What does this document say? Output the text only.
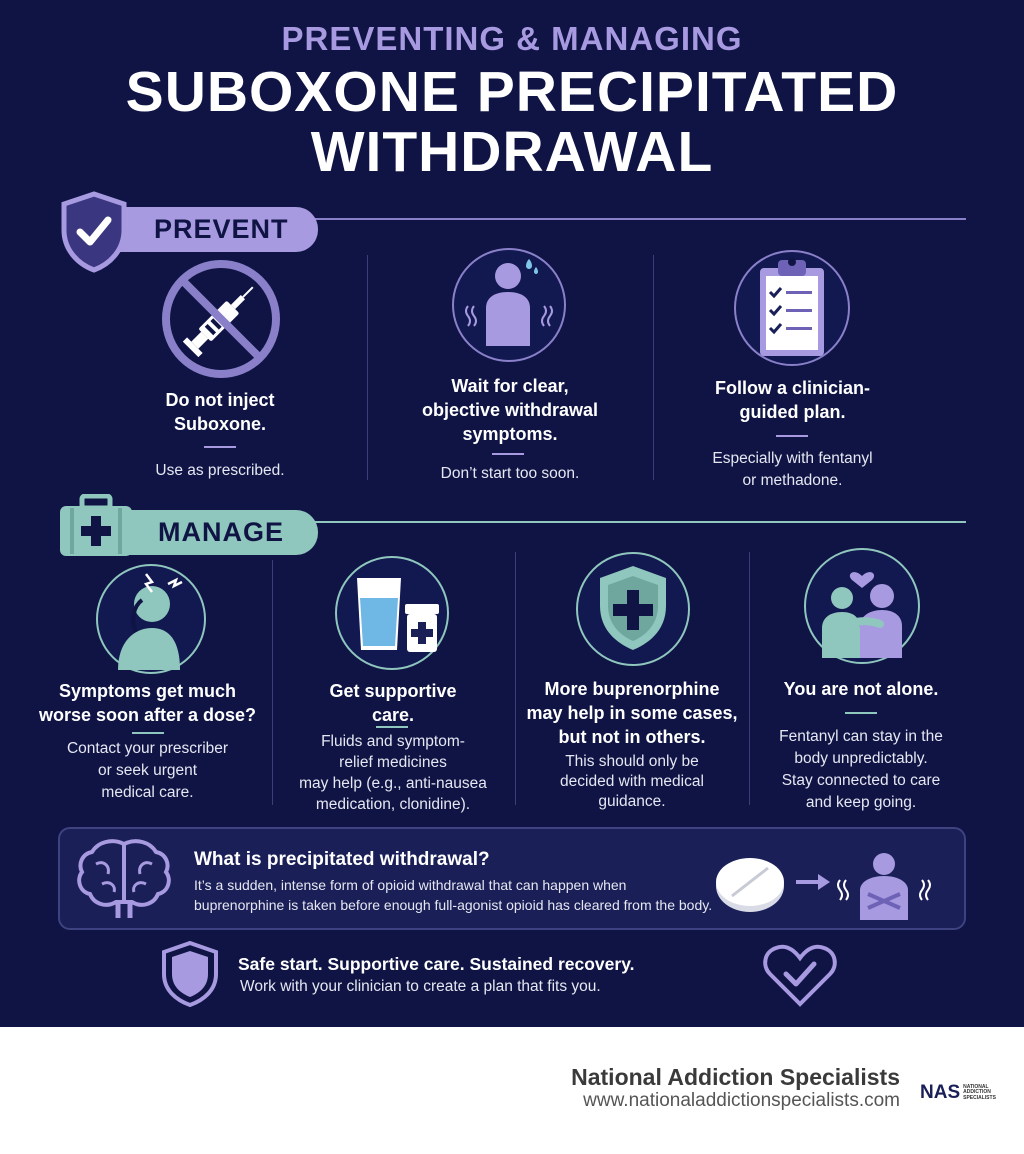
PREVENTING & MANAGING
SUBOXONE PRECIPITATED
WITHDRAWAL
PREVENT
Do not inject
Suboxone.
Use as prescribed.
Wait for clear,
objective withdrawal
symptoms.
Don’t start too soon.
Follow a clinician-
guided plan.
Especially with fentanyl
or methadone.
MANAGE
Symptoms get much
worse soon after a dose?
Contact your prescriber
or seek urgent
medical care.
Get supportive
care.
Fluids and symptom-
relief medicines
may help (e.g., anti-nausea
medication, clonidine).
More buprenorphine
may help in some cases,
but not in others.
This should only be
decided with medical
guidance.
You are not alone.
Fentanyl can stay in the
body unpredictably.
Stay connected to care
and keep going.
What is precipitated withdrawal?
It’s a sudden, intense form of opioid withdrawal that can happen when
buprenorphine is taken before enough full-agonist opioid has cleared from the body.
Safe start. Supportive care. Sustained recovery.
Work with your clinician to create a plan that fits you.
National Addiction Specialists
www.nationaladdictionspecialists.com NAS NATIONAL
ADDICTION
SPECIALISTS
